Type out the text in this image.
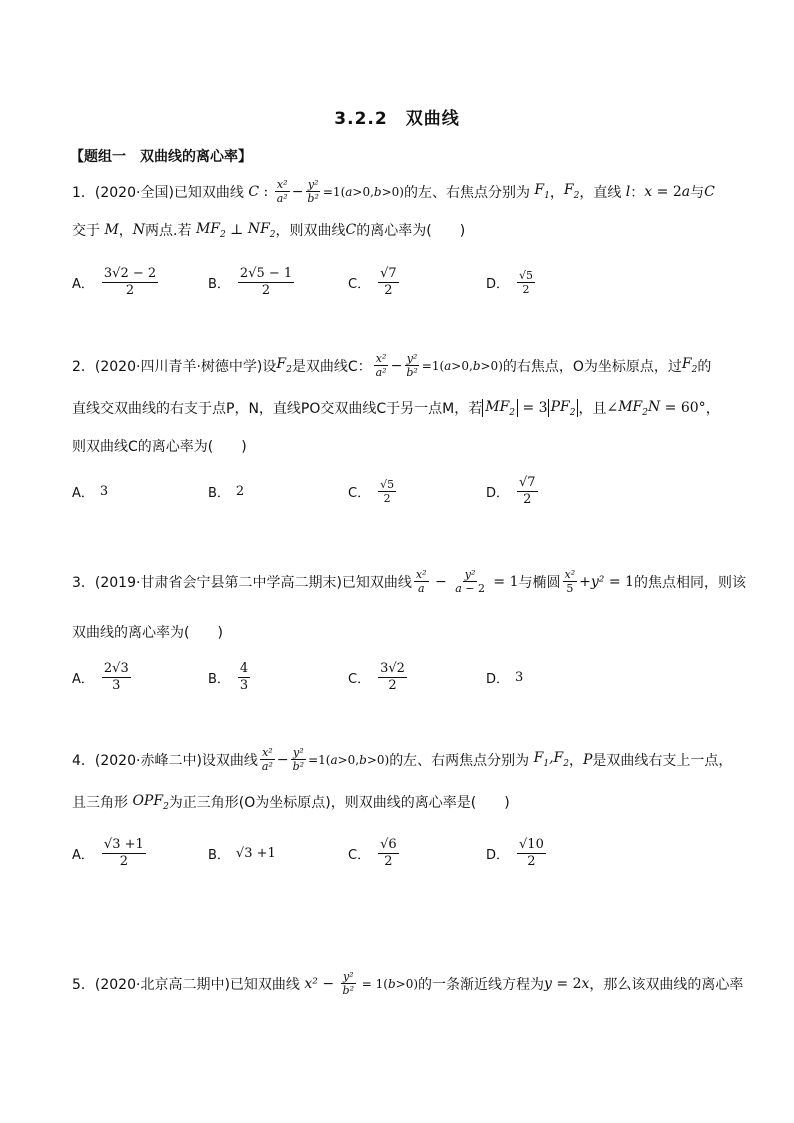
3.2.2　双曲线
【题组一　双曲线的离心率】
1．(2020·全国)已知双曲线 C : $\frac{\text{x²}}{\text{a²}} - \frac{\text{y²}}{\text{b²}} =1(a>0,b>0)$ 的左、右焦点分别为 $F_1$ ， $F_2$ ，直线 l ： x = 2 a 与 C
交于 M ， N 两点.若 $MF_2$ ⊥ $NF_2$ ，则双曲线 C 的离心率为(　　)
A． $\frac{3√2 - 2}{2}$	B． $\frac{2√5 - 1}{2}$	C． $\frac{√7}{2}$	D． $\frac{√5}{2}$
2．(2020·四川青羊·树德中学)设 $F_2$ 是双曲线C： $\frac{\text{x²}}{\text{a²}} - \frac{\text{y²}}{\text{b²}} =1(a>0,b>0)$ 的右焦点，O为坐标原点，过 $F_2$ 的
直线交双曲线的右支于点P，N，直线PO交双曲线C于另一点M，若 $MF_2 = 3$ $PF_2$ ，且 ∠ $MF_2N = 60^\circ$ ，
则双曲线C的离心率为(　　)
A． 3	B． 2	C． $\frac{√5}{2}$	D． $\frac{√7}{2}$
3．(2019·甘肃省会宁县第二中学高二期末)已知双曲线 $\frac{\text{x²}}{a} - \frac{\text{y²}}{a - 2} = 1$ 与椭圆 $\frac{\text{x²}}{5} + y^2 = 1$ 的焦点相同，则该
双曲线的离心率为(　　)
A． $\frac{2√3}{3}$	B． $\frac{4}{3}$	C． $\frac{3√2}{2}$	D． 3
4．(2020·赤峰二中)设双曲线 $\frac{\text{x²}}{\text{a²}} - \frac{\text{y²}}{\text{b²}} =1(a>0,b>0)$ 的左、右两焦点分别为 $F_1,F_2$ ， P 是双曲线右支上一点，
且三角形 $OPF_2$ 为正三角形(O为坐标原点)，则双曲线的离心率是(　　)
A． $\frac{√3 +1}{2}$	B． √3 +1	C． $\frac{√6}{2}$	D． $\frac{√10}{2}$
5．(2020·北京高二期中)已知双曲线 $x^2 - \frac{\text{y²}}{\text{b²}} = 1(b>0)$ 的一条渐近线方程为 y = 2 x ，那么该双曲线的离心率
